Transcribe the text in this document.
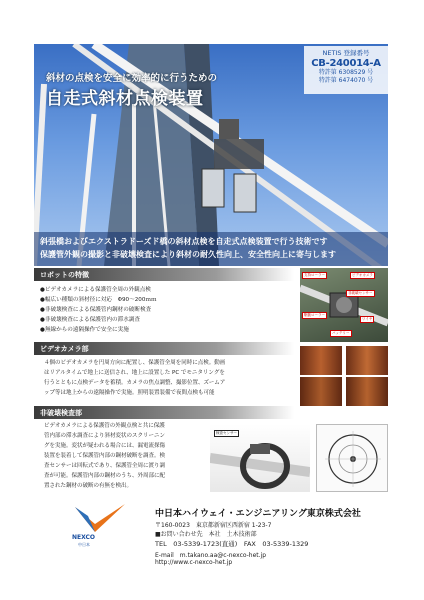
斜材の点検を安全に効率的に行うための
自走式斜材点検装置
NETIS 登録番号
CB-240014-A
特許第 6308529 号
特許第 6474070 号
斜張橋およびエクストラドーズド橋の斜材点検を自走式点検装置で行う技術です
保護管外観の撮影と非破壊検査により斜材の耐久性向上、安全性向上に寄与します
ロボットの特徴
●ビデオカメラによる保護管全周の外観点検
●幅広い種類の斜材径に対応　Φ90～200ｍｍ
●非破壊検査による保護管内鋼材の破断検査
●非破壊検査による保護管内の滞水調査
●無線からの遠隔操作で安全に実施
支持ローラー	ビデオカメラ
非破壊センサー
駆動ローラー
ワイヤ
バッテリー
ビデオカメラ部
４個のビデオカメラを円周方向に配置し、保護管全周を同時に点検。動画
はリアルタイムで地上に送信され、地上に設置した PC でモニタリングを
行うとともに点検データを蓄積。カメラの焦点調整、撮影位置、ズームア
ップ等は地上からの遠隔操作で実施。照明装置装備で夜間点検も可能
非破壊検査部
ビデオカメラによる保護管の外観点検と共に保護
管内部の滞水調査により斜材変状のスクリーニン
グを実施。変状が疑われる場合には、漏電流探傷
装置を装着して保護管内部の鋼材破断を調査。検
査センサーは回転式であり、保護管全周に渡り調
査が可能。保護管内部の鋼材のうち、外周部に配
置された鋼材の破断の有無を検出。
検査センサー
NEXCO
中日本
中日本ハイウェイ・エンジニアリング東京株式会社
〒160-0023　東京都新宿区西新宿 1-23-7
■お問い合わせ先　本社　土木技術部
TEL　03-5339-1723(直通)　FAX　03-5339-1329
E-mail　m.takano.aa@c-nexco-het.jp
http://www.c-nexco-het.jp
